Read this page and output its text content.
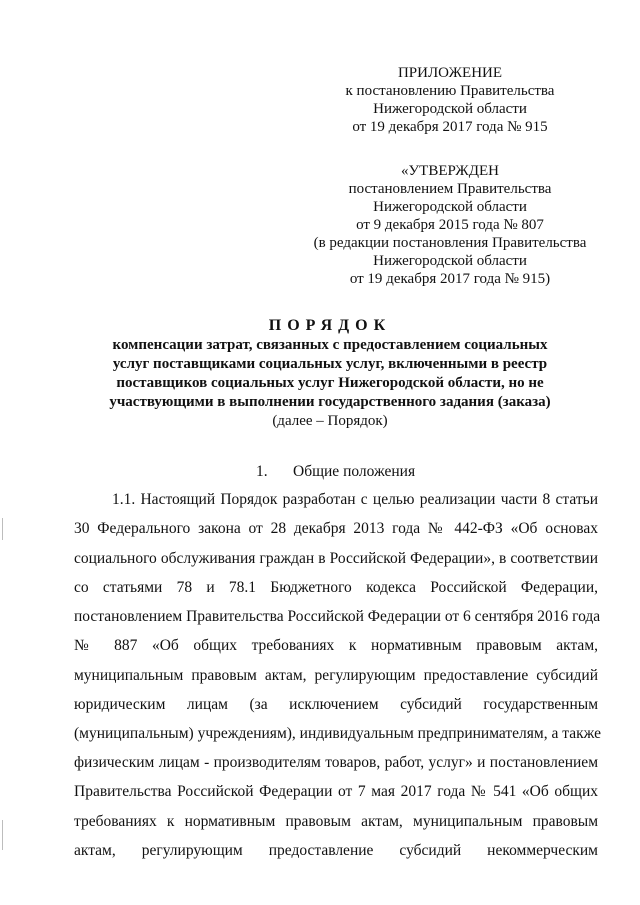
ПРИЛОЖЕНИЕ
к постановлению Правительства
Нижегородской области
от 19 декабря 2017 года № 915
«УТВЕРЖДЕН
постановлением Правительства
Нижегородской области
от 9 декабря 2015 года № 807
(в редакции постановления Правительства
Нижегородской области
от 19 декабря 2017 года № 915)
ПОРЯДОК
компенсации затрат, связанных с предоставлением социальных
услуг поставщиками социальных услуг, включенными в реестр
поставщиков социальных услуг Нижегородской области, но не
участвующими в выполнении государственного задания (заказа)
(далее – Порядок)
1. Общие положения
1.1. Настоящий Порядок разработан с целью реализации части 8 статьи
30 Федерального закона от 28 декабря 2013 года № 442-ФЗ «Об основах
социального обслуживания граждан в Российской Федерации», в соответствии
со статьями 78 и 78.1 Бюджетного кодекса Российской Федерации,
постановлением Правительства Российской Федерации от 6 сентября 2016 года
№ 887 «Об общих требованиях к нормативным правовым актам,
муниципальным правовым актам, регулирующим предоставление субсидий
юридическим лицам (за исключением субсидий государственным
(муниципальным) учреждениям), индивидуальным предпринимателям, а также
физическим лицам - производителям товаров, работ, услуг» и постановлением
Правительства Российской Федерации от 7 мая 2017 года № 541 «Об общих
требованиях к нормативным правовым актам, муниципальным правовым
актам, регулирующим предоставление субсидий некоммерческим
